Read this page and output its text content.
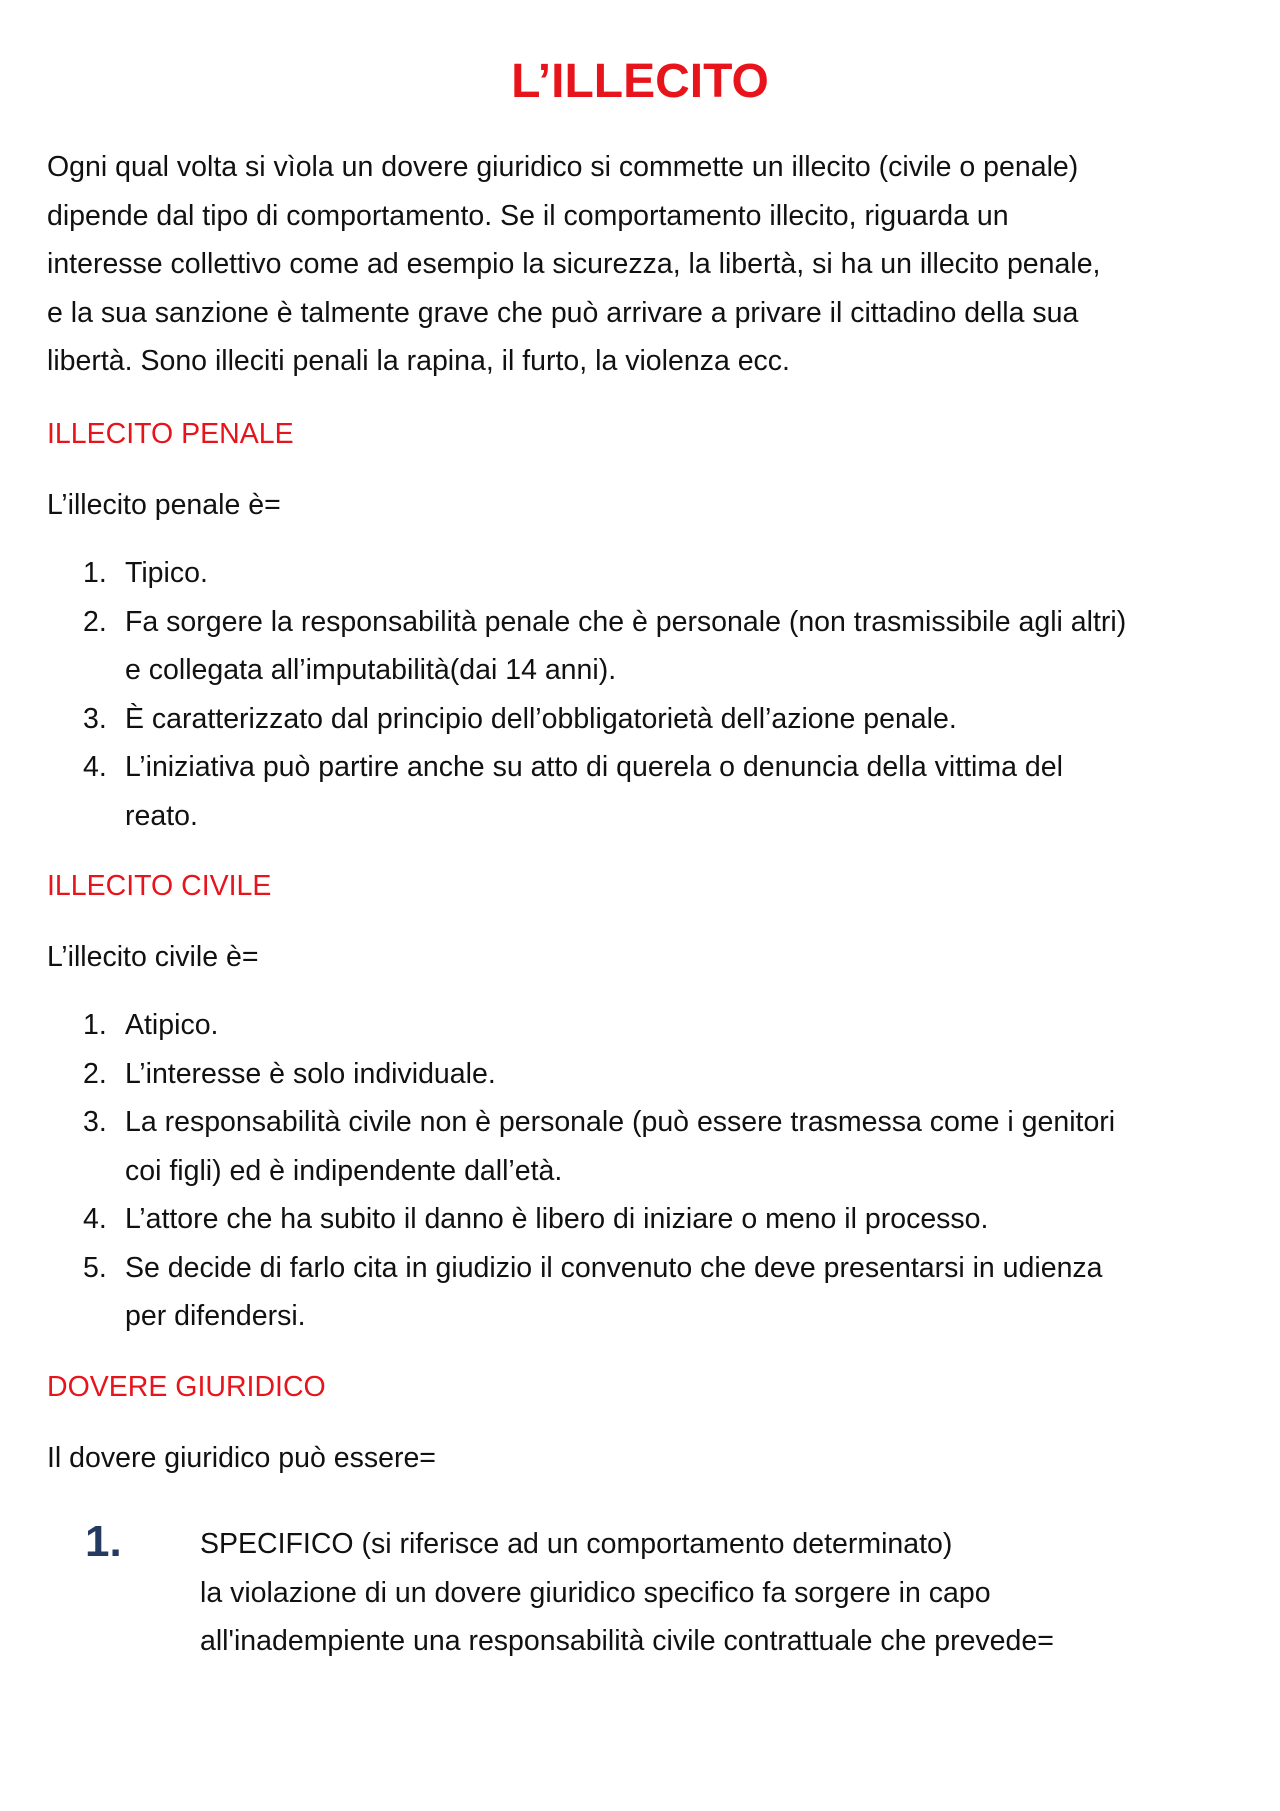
L’ILLECITO
Ogni qual volta si vìola un dovere giuridico si commette un illecito (civile o penale)
dipende dal tipo di comportamento. Se il comportamento illecito, riguarda un
interesse collettivo come ad esempio la sicurezza, la libertà, si ha un illecito penale,
e la sua sanzione è talmente grave che può arrivare a privare il cittadino della sua
libertà. Sono illeciti penali la rapina, il furto, la violenza ecc.
ILLECITO PENALE
L’illecito penale è=
1. Tipico.
2. Fa sorgere la responsabilità penale che è personale (non trasmissibile agli altri)
e collegata all’imputabilità(dai 14 anni).
3. È caratterizzato dal principio dell’obbligatorietà dell’azione penale.
4. L’iniziativa può partire anche su atto di querela o denuncia della vittima del
reato.
ILLECITO CIVILE
L’illecito civile è=
1. Atipico.
2. L’interesse è solo individuale.
3. La responsabilità civile non è personale (può essere trasmessa come i genitori
coi figli) ed è indipendente dall’età.
4. L’attore che ha subito il danno è libero di iniziare o meno il processo.
5. Se decide di farlo cita in giudizio il convenuto che deve presentarsi in udienza
per difendersi.
DOVERE GIURIDICO
Il dovere giuridico può essere=
1.	SPECIFICO (si riferisce ad un comportamento determinato)
la violazione di un dovere giuridico specifico fa sorgere in capo
all'inadempiente una responsabilità civile contrattuale che prevede=
